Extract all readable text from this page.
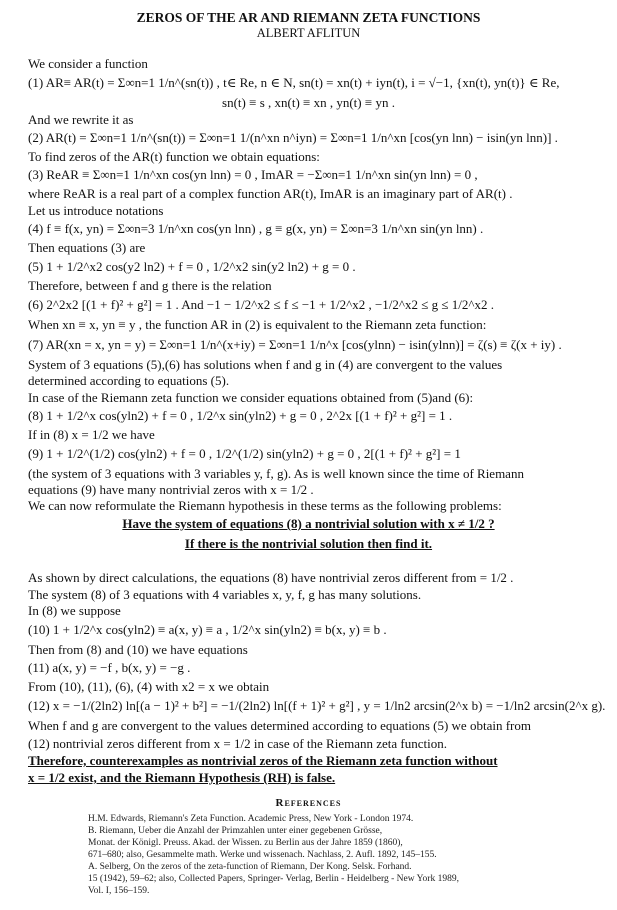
ZEROS OF THE AR AND RIEMANN ZETA FUNCTIONS
ALBERT AFLITUN
We consider a function
(1) AR≡ AR(t) = Σ∞n=1 1/n^(sn(t)) , t∈ Re, n ∈ N, sn(t) = xn(t) + iyn(t), i = √−1, {xn(t), yn(t)} ∈ Re,
sn(t) ≡ s , xn(t) ≡ xn , yn(t) ≡ yn .
And we rewrite it as
(2) AR(t) = Σ∞n=1 1/n^(sn(t)) = Σ∞n=1 1/(n^xn n^iyn) = Σ∞n=1 1/n^xn [cos(yn lnn) − isin(yn lnn)] .
To find zeros of the AR(t) function we obtain equations:
(3) ReAR ≡ Σ∞n=1 1/n^xn cos(yn lnn) = 0 , ImAR = −Σ∞n=1 1/n^xn sin(yn lnn) = 0 ,
where ReAR is a real part of a complex function AR(t), ImAR is an imaginary part of AR(t) .
Let us introduce notations
(4) f ≡ f(x, yn) = Σ∞n=3 1/n^xn cos(yn lnn) , g ≡ g(x, yn) = Σ∞n=3 1/n^xn sin(yn lnn) .
Then equations (3) are
(5) 1 + 1/2^x2 cos(y2 ln2) + f = 0 , 1/2^x2 sin(y2 ln2) + g = 0 .
Therefore, between f and g there is the relation
(6) 2^2x2 [(1 + f)² + g²] = 1 . And −1 − 1/2^x2 ≤ f ≤ −1 + 1/2^x2 , −1/2^x2 ≤ g ≤ 1/2^x2 .
When xn ≡ x, yn ≡ y , the function AR in (2) is equivalent to the Riemann zeta function:
(7) AR(xn = x, yn = y) = Σ∞n=1 1/n^(x+iy) = Σ∞n=1 1/n^x [cos(ylnn) − isin(ylnn)] = ζ(s) ≡ ζ(x + iy) .
System of 3 equations (5),(6) has solutions when f and g in (4) are convergent to the values
determined according to equations (5).
In case of the Riemann zeta function we consider equations obtained from (5)and (6):
(8) 1 + 1/2^x cos(yln2) + f = 0 , 1/2^x sin(yln2) + g = 0 , 2^2x [(1 + f)² + g²] = 1 .
If in (8) x = 1/2 we have
(9) 1 + 1/2^(1/2) cos(yln2) + f = 0 , 1/2^(1/2) sin(yln2) + g = 0 , 2[(1 + f)² + g²] = 1
(the system of 3 equations with 3 variables y, f, g). As is well known since the time of Riemann
equations (9) have many nontrivial zeros with x = 1/2 .
We can now reformulate the Riemann hypothesis in these terms as the following problems:
Have the system of equations (8) a nontrivial solution with x ≠ 1/2 ?
If there is the nontrivial solution then find it.
As shown by direct calculations, the equations (8) have nontrivial zeros different from = 1/2 .
The system (8) of 3 equations with 4 variables x, y, f, g has many solutions.
In (8) we suppose
(10) 1 + 1/2^x cos(yln2) ≡ a(x, y) ≡ a , 1/2^x sin(yln2) ≡ b(x, y) ≡ b .
Then from (8) and (10) we have equations
(11) a(x, y) = −f , b(x, y) = −g .
From (10), (11), (6), (4) with x2 = x we obtain
(12) x = −1/(2ln2) ln[(a − 1)² + b²] = −1/(2ln2) ln[(f + 1)² + g²] , y = 1/ln2 arcsin(2^x b) = −1/ln2 arcsin(2^x g).
When f and g are convergent to the values determined according to equations (5) we obtain from
(12) nontrivial zeros different from x = 1/2 in case of the Riemann zeta function.
Therefore, counterexamples as nontrivial zeros of the Riemann zeta function without
x = 1/2 exist, and the Riemann Hypothesis (RH) is false.
References
H.M. Edwards, Riemann's Zeta Function. Academic Press, New York - London 1974.
B. Riemann, Ueber die Anzahl der Primzahlen unter einer gegebenen Grösse,
Monat. der Königl. Preuss. Akad. der Wissen. zu Berlin aus der Jahre 1859 (1860),
671–680; also, Gesammelte math. Werke und wissenach. Nachlass, 2. Aufl. 1892, 145–155.
A. Selberg, On the zeros of the zeta-function of Riemann, Der Kong. Selsk. Forhand.
15 (1942), 59–62; also, Collected Papers, Springer- Verlag, Berlin - Heidelberg - New York 1989,
Vol. I, 156–159.
